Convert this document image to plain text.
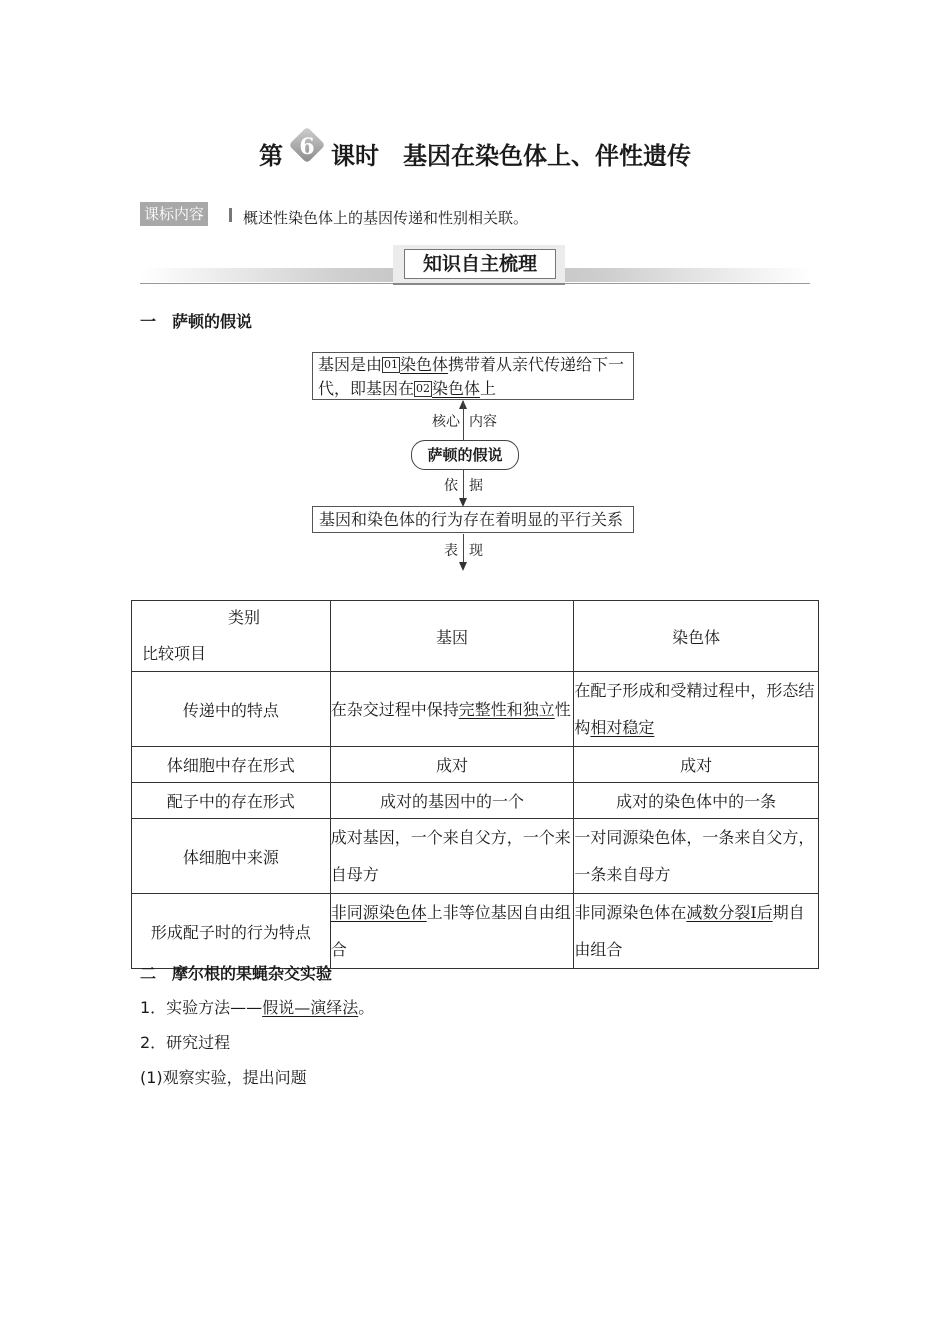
第 6 课时　基因在染色体上、伴性遗传
课标内容	概述性染色体上的基因传递和性别相关联。
知识自主梳理
一　萨顿的假说
基因是由 01 染色体携带着从亲代传递给下一
代，即基因在 02 染色体上
核心 内容
萨顿的假说
依 据
基因和染色体的行为存在着明显的平行关系
表 现
类别
比较项目	基因	染色体
传递中的特点	在杂交过程中保持完整性和独立性	在配子形成和受精过程中，形态结构相对稳定
体细胞中存在形式	成对	成对
配子中的存在形式	成对的基因中的一个	成对的染色体中的一条
体细胞中来源	成对基因，一个来自父方，一个来自母方	一对同源染色体，一条来自父方，一条来自母方
形成配子时的行为特点	非同源染色体上非等位基因自由组合	非同源染色体在减数分裂Ⅰ后期自由组合
二　摩尔根的果蝇杂交实验
1．实验方法——假说—演绎法。
2．研究过程
(1)观察实验，提出问题
